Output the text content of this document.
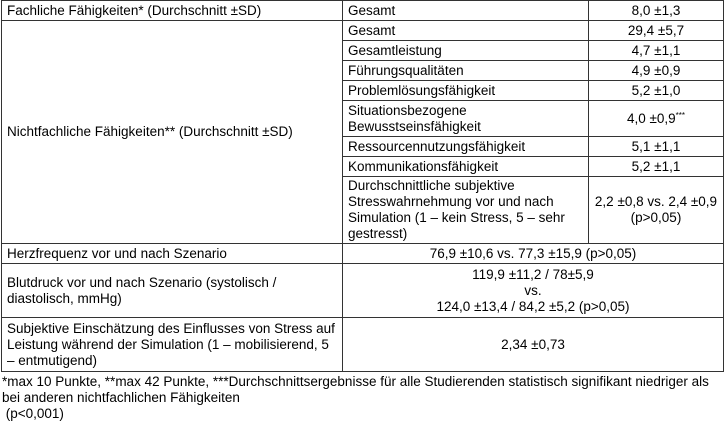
Fachliche Fähigkeiten* (Durchschnitt ±SD)	Gesamt	8,0 ±1,3
Nichtfachliche Fähigkeiten** (Durchschnitt ±SD)	Gesamt	29,4 ±5,7
	Gesamtleistung	4,7 ±1,1
	Führungsqualitäten	4,9 ±0,9
	Problemlösungsfähigkeit	5,2 ±1,0
	Situationsbezogene Bewusstseinsfähigkeit	4,0 ±0,9***
	Ressourcennutzungsfähigkeit	5,1 ±1,1
	Kommunikationsfähigkeit	5,2 ±1,1
	Durchschnittliche subjektive Stresswahrnehmung vor und nach Simulation (1 – kein Stress, 5 – sehr gestresst)	2,2 ±0,8 vs. 2,4 ±0,9 (p>0,05)
Herzfrequenz vor und nach Szenario	76,9 ±10,6 vs. 77,3 ±15,9 (p>0,05)	
Blutdruck vor und nach Szenario (systolisch / diastolisch, mmHg)	119,9 ±11,2 / 78±5,9
vs.
124,0 ±13,4 / 84,2 ±5,2 (p>0,05)	

Subjektive Einschätzung des Einflusses von Stress auf Leistung während der Simulation (1 – mobilisierend, 5 – entmutigend)	2,34 ±0,73	
*max 10 Punkte, **max 42 Punkte, ***Durchschnittsergebnisse für alle Studierenden statistisch signifikant niedriger als bei anderen nichtfachlichen Fähigkeiten
(p<0,001)
